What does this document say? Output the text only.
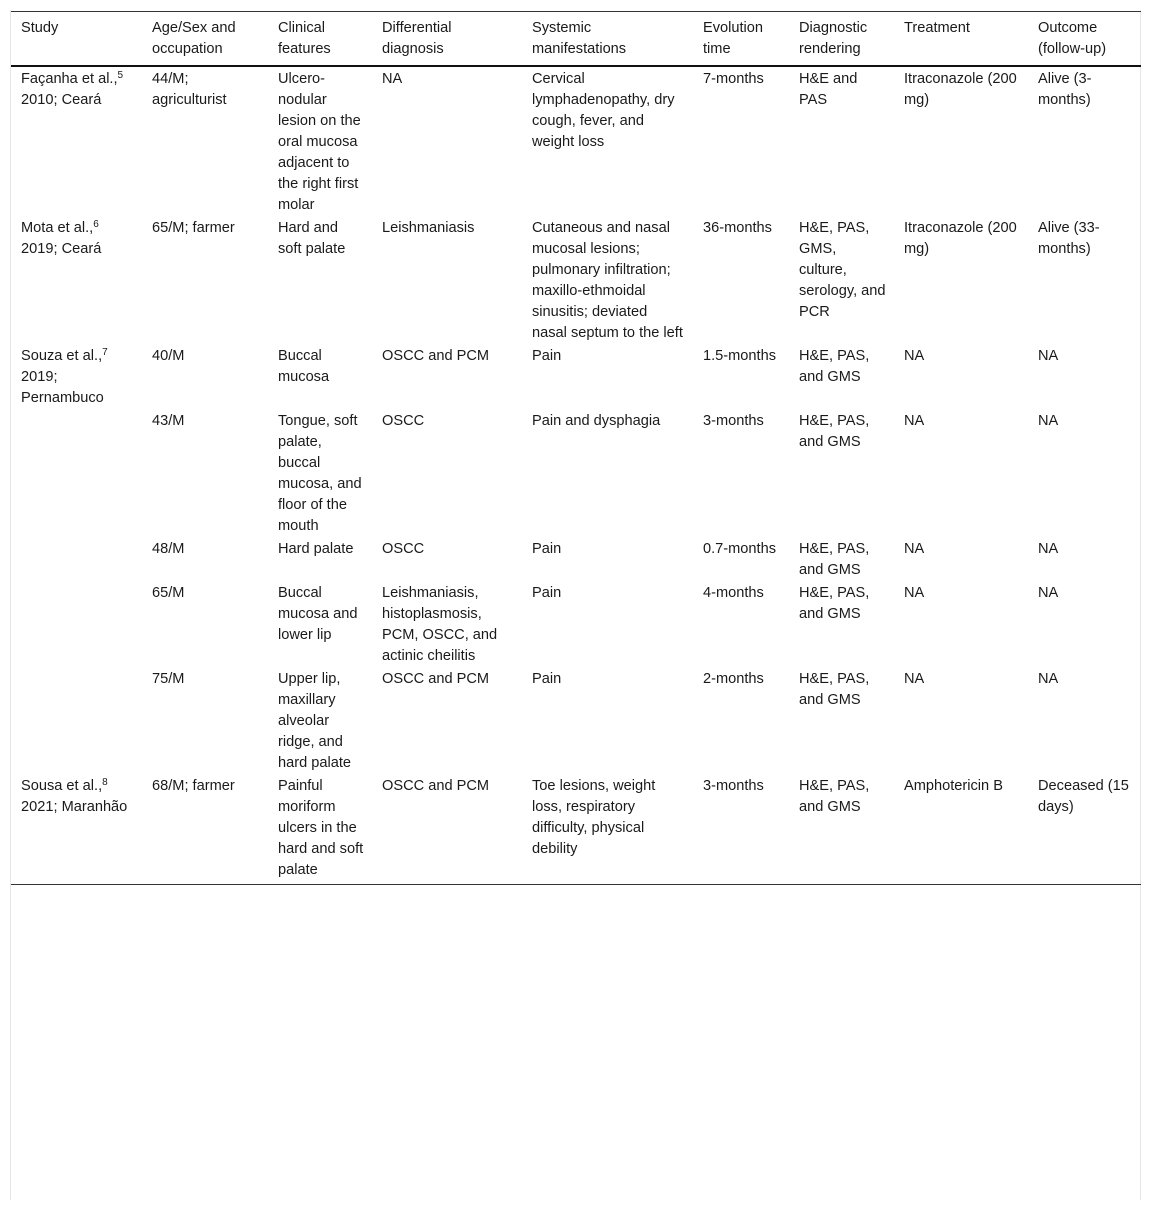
Study	Age/Sex and occupation	Clinical features	Differential diagnosis	Systemic manifestations	Evolution time	Diagnostic rendering	Treatment	Outcome (follow-up)
Façanha et al.,$^5$ 2010; Ceará	44/M; agriculturist	Ulcero-nodular lesion on the oral mucosa adjacent to the right first molar	NA	Cervical lymphadenopathy, dry cough, fever, and weight loss	7-months	H&E and PAS	Itraconazole (200 mg)	Alive (3-months)
Mota et al.,$^6$ 2019; Ceará	65/M; farmer	Hard and soft palate	Leishmaniasis	Cutaneous and nasal mucosal lesions; pulmonary infiltration; maxillo-ethmoidal sinusitis; deviated nasal septum to the left	36-months	H&E, PAS, GMS, culture, serology, and PCR	Itraconazole (200 mg)	Alive (33-months)
Souza et al.,$^7$ 2019; Pernambuco	40/M	Buccal mucosa	OSCC and PCM	Pain	1.5-months	H&E, PAS, and GMS	NA	NA
	43/M	Tongue, soft palate, buccal mucosa, and floor of the mouth	OSCC	Pain and dysphagia	3-months	H&E, PAS, and GMS	NA	NA
	48/M	Hard palate	OSCC	Pain	0.7-months	H&E, PAS, and GMS	NA	NA
	65/M	Buccal mucosa and lower lip	Leishmaniasis, histoplasmosis, PCM, OSCC, and actinic cheilitis	Pain	4-months	H&E, PAS, and GMS	NA	NA
	75/M	Upper lip, maxillary alveolar ridge, and hard palate	OSCC and PCM	Pain	2-months	H&E, PAS, and GMS	NA	NA
Sousa et al.,$^8$ 2021; Maranhão	68/M; farmer	Painful moriform ulcers in the hard and soft palate	OSCC and PCM	Toe lesions, weight loss, respiratory difficulty, physical debility	3-months	H&E, PAS, and GMS	Amphotericin B	Deceased (15 days)
